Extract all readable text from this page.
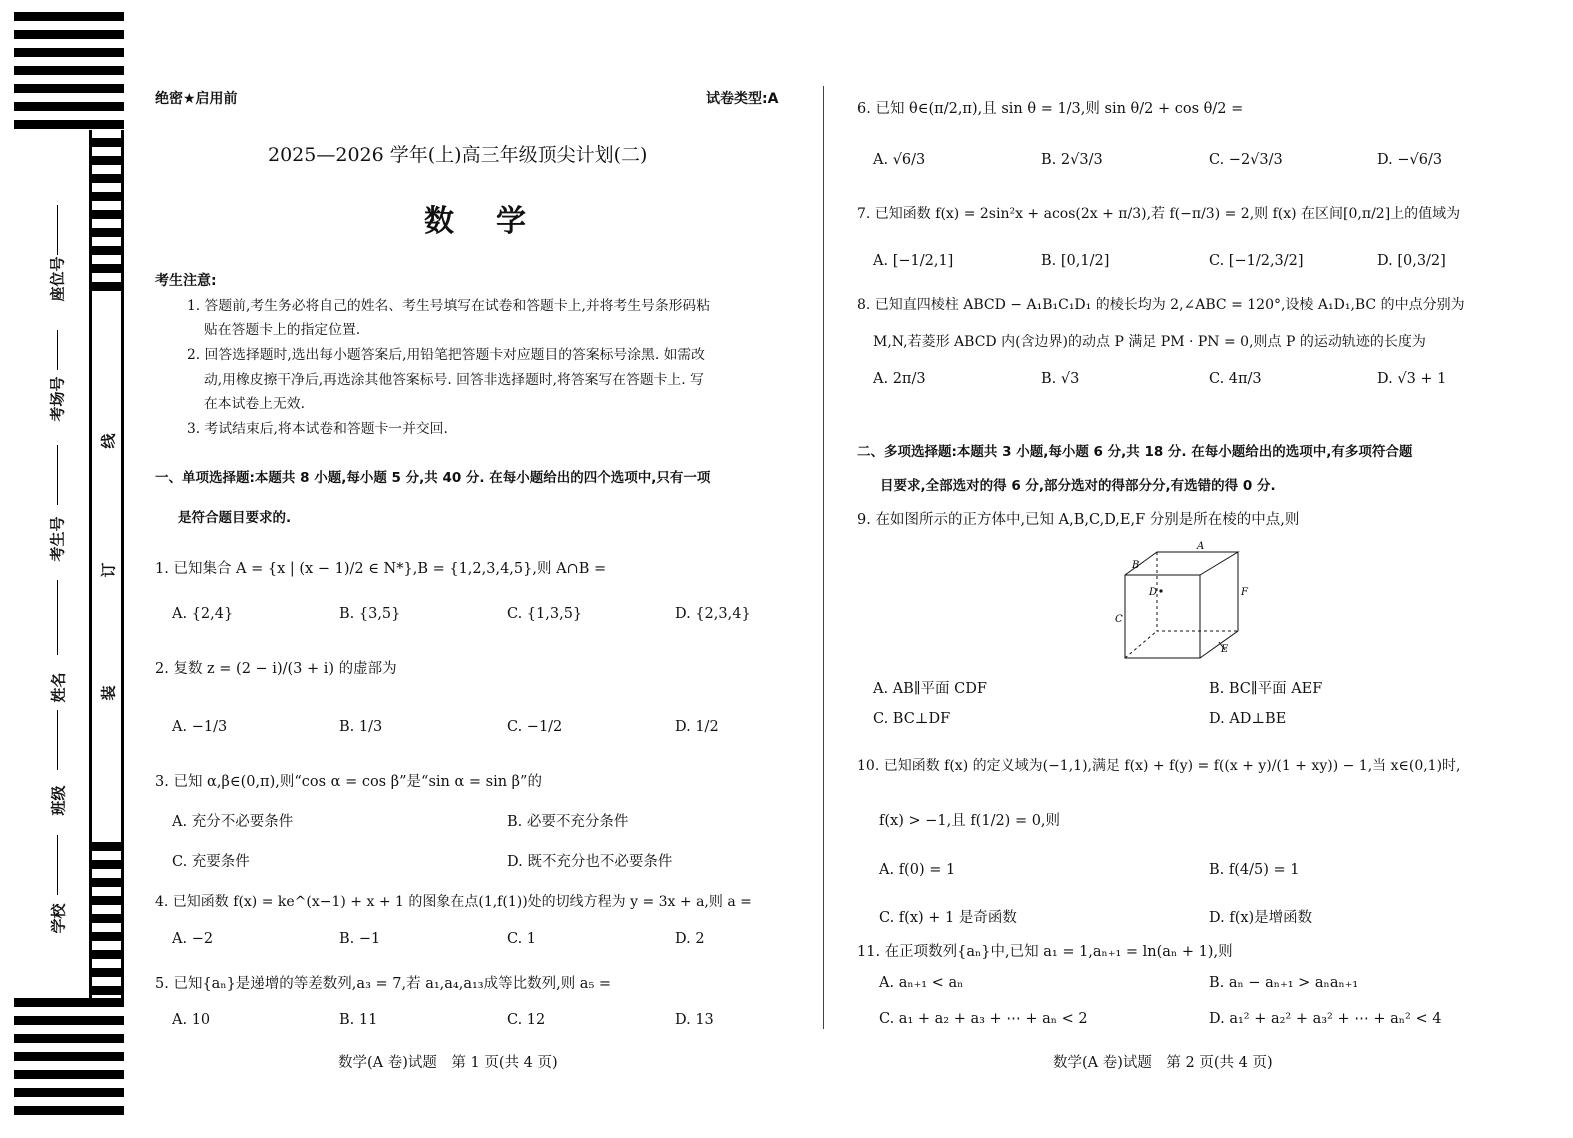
座位号
考场号
考生号
姓名
班级
学校
线
订
装
绝密★启用前	试卷类型:A
2025—2026 学年(上)高三年级顶尖计划(二)
数　学
考生注意:
1. 答题前,考生务必将自己的姓名、考生号填写在试卷和答题卡上,并将考生号条形码粘
贴在答题卡上的指定位置.
2. 回答选择题时,选出每小题答案后,用铅笔把答题卡对应题目的答案标号涂黑. 如需改
动,用橡皮擦干净后,再选涂其他答案标号. 回答非选择题时,将答案写在答题卡上. 写
在本试卷上无效.
3. 考试结束后,将本试卷和答题卡一并交回.
一、单项选择题:本题共 8 小题,每小题 5 分,共 40 分. 在每小题给出的四个选项中,只有一项
是符合题目要求的.
1. 已知集合 A = {x | (x − 1)/2 ∈ N*},B = {1,2,3,4,5},则 A∩B =
A. {2,4}	B. {3,5}	C. {1,3,5}	D. {2,3,4}
2. 复数 z = (2 − i)/(3 + i) 的虚部为
A. −1/3	B. 1/3	C. −1/2	D. 1/2
3. 已知 α,β∈(0,π),则“cos α = cos β”是“sin α = sin β”的
A. 充分不必要条件	B. 必要不充分条件
C. 充要条件	D. 既不充分也不必要条件
4. 已知函数 f(x) = ke^(x−1) + x + 1 的图象在点(1,f(1))处的切线方程为 y = 3x + a,则 a =
A. −2	B. −1	C. 1	D. 2
5. 已知{aₙ}是递增的等差数列,a₃ = 7,若 a₁,a₄,a₁₃成等比数列,则 a₅ =
A. 10	B. 11	C. 12	D. 13
数学(A 卷)试题　第 1 页(共 4 页)
6. 已知 θ∈(π/2,π),且 sin θ = 1/3,则 sin θ/2 + cos θ/2 =
A. √6/3	B. 2√3/3	C. −2√3/3	D. −√6/3
7. 已知函数 f(x) = 2sin²x + acos(2x + π/3),若 f(−π/3) = 2,则 f(x) 在区间[0,π/2]上的值域为
A. [−1/2,1]	B. [0,1/2]	C. [−1/2,3/2]	D. [0,3/2]
8. 已知直四棱柱 ABCD − A₁B₁C₁D₁ 的棱长均为 2,∠ABC = 120°,设棱 A₁D₁,BC 的中点分别为
M,N,若菱形 ABCD 内(含边界)的动点 P 满足 PM · PN = 0,则点 P 的运动轨迹的长度为
A. 2π/3	B. √3	C. 4π/3	D. √3 + 1
二、多项选择题:本题共 3 小题,每小题 6 分,共 18 分. 在每小题给出的选项中,有多项符合题
目要求,全部选对的得 6 分,部分选对的得部分分,有选错的得 0 分.
9. 在如图所示的正方体中,已知 A,B,C,D,E,F 分别是所在棱的中点,则
A
B
C
D
E
F
A. AB∥平面 CDF	B. BC∥平面 AEF
C. BC⊥DF	D. AD⊥BE
10. 已知函数 f(x) 的定义域为(−1,1),满足 f(x) + f(y) = f((x + y)/(1 + xy)) − 1,当 x∈(0,1)时,
f(x) > −1,且 f(1/2) = 0,则
A. f(0) = 1	B. f(4/5) = 1
C. f(x) + 1 是奇函数	D. f(x)是增函数
11. 在正项数列{aₙ}中,已知 a₁ = 1,aₙ₊₁ = ln(aₙ + 1),则
A. aₙ₊₁ < aₙ	B. aₙ − aₙ₊₁ > aₙaₙ₊₁
C. a₁ + a₂ + a₃ + ⋯ + aₙ < 2	D. a₁² + a₂² + a₃² + ⋯ + aₙ² < 4
数学(A 卷)试题　第 2 页(共 4 页)
